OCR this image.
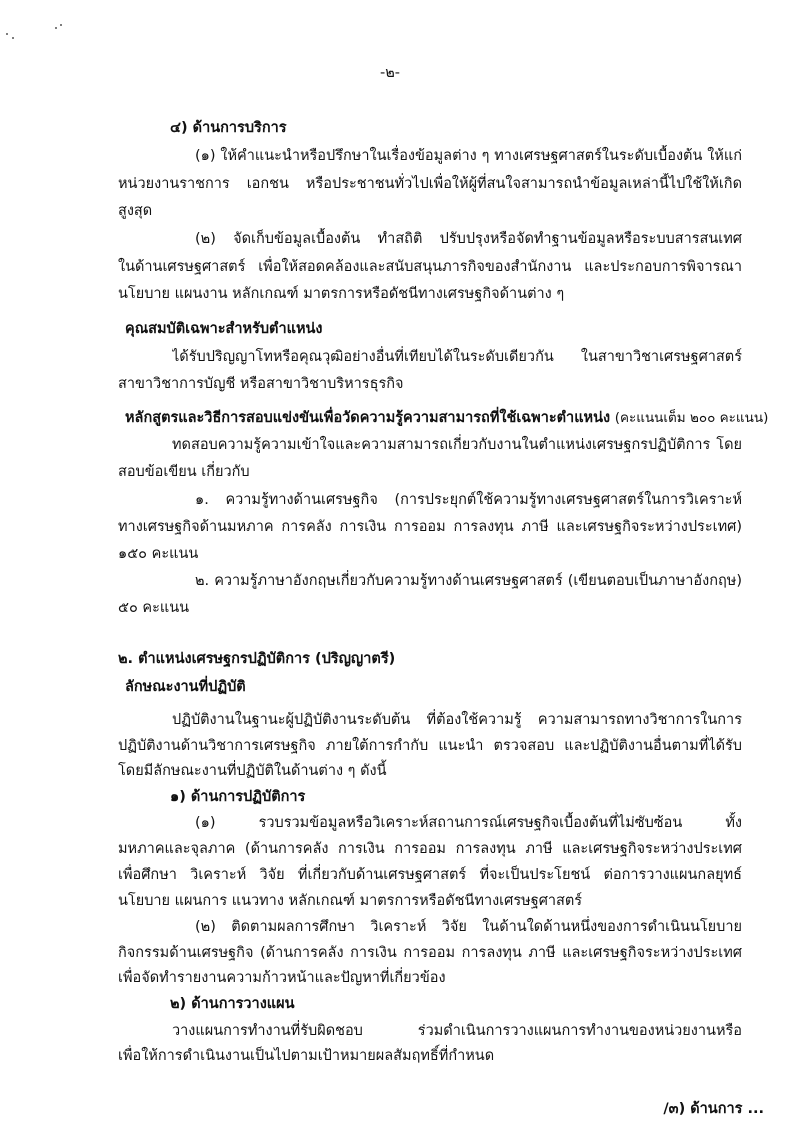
-๒-
๔) ด้านการบริการ
(๑) ให้คำแนะนำหรือปรึกษาในเรื่องข้อมูลต่าง ๆ ทางเศรษฐศาสตร์ในระดับเบื้องต้น ให้แก่
หน่วยงานราชการ เอกชน หรือประชาชนทั่วไปเพื่อให้ผู้ที่สนใจสามารถนำข้อมูลเหล่านี้ไปใช้ให้เกิด
สูงสุด
(๒) จัดเก็บข้อมูลเบื้องต้น ทำสถิติ ปรับปรุงหรือจัดทำฐานข้อมูลหรือระบบสารสนเทศ
ในด้านเศรษฐศาสตร์ เพื่อให้สอดคล้องและสนับสนุนภารกิจของสำนักงาน และประกอบการพิจารณา
นโยบาย แผนงาน หลักเกณฑ์ มาตรการหรือดัชนีทางเศรษฐกิจด้านต่าง ๆ
คุณสมบัติเฉพาะสำหรับตำแหน่ง
ได้รับปริญญาโทหรือคุณวุฒิอย่างอื่นที่เทียบได้ในระดับเดียวกัน ในสาขาวิชาเศรษฐศาสตร์
สาขาวิชาการบัญชี หรือสาขาวิชาบริหารธุรกิจ
หลักสูตรและวิธีการสอบแข่งขันเพื่อวัดความรู้ความสามารถที่ใช้เฉพาะตำแหน่ง (คะแนนเต็ม ๒๐๐ คะแนน)
ทดสอบความรู้ความเข้าใจและความสามารถเกี่ยวกับงานในตำแหน่งเศรษฐกรปฏิบัติการ โดย
สอบข้อเขียน เกี่ยวกับ
๑. ความรู้ทางด้านเศรษฐกิจ (การประยุกต์ใช้ความรู้ทางเศรษฐศาสตร์ในการวิเคราะห์
ทางเศรษฐกิจด้านมหภาค การคลัง การเงิน การออม การลงทุน ภาษี และเศรษฐกิจระหว่างประเทศ)
๑๕๐ คะแนน
๒. ความรู้ภาษาอังกฤษเกี่ยวกับความรู้ทางด้านเศรษฐศาสตร์ (เขียนตอบเป็นภาษาอังกฤษ)
๕๐ คะแนน
๒. ตำแหน่งเศรษฐกรปฏิบัติการ (ปริญญาตรี)
ลักษณะงานที่ปฏิบัติ
ปฏิบัติงานในฐานะผู้ปฏิบัติงานระดับต้น ที่ต้องใช้ความรู้ ความสามารถทางวิชาการในการ
ปฏิบัติงานด้านวิชาการเศรษฐกิจ ภายใต้การกำกับ แนะนำ ตรวจสอบ และปฏิบัติงานอื่นตามที่ได้รับ
โดยมีลักษณะงานที่ปฏิบัติในด้านต่าง ๆ ดังนี้
๑) ด้านการปฏิบัติการ
(๑) รวบรวมข้อมูลหรือวิเคราะห์สถานการณ์เศรษฐกิจเบื้องต้นที่ไม่ซับซ้อน ทั้ง
มหภาคและจุลภาค (ด้านการคลัง การเงิน การออม การลงทุน ภาษี และเศรษฐกิจระหว่างประเทศ
เพื่อศึกษา วิเคราะห์ วิจัย ที่เกี่ยวกับด้านเศรษฐศาสตร์ ที่จะเป็นประโยชน์ ต่อการวางแผนกลยุทธ์
นโยบาย แผนการ แนวทาง หลักเกณฑ์ มาตรการหรือดัชนีทางเศรษฐศาสตร์
(๒) ติดตามผลการศึกษา วิเคราะห์ วิจัย ในด้านใดด้านหนึ่งของการดำเนินนโยบาย
กิจกรรมด้านเศรษฐกิจ (ด้านการคลัง การเงิน การออม การลงทุน ภาษี และเศรษฐกิจระหว่างประเทศ
เพื่อจัดทำรายงานความก้าวหน้าและปัญหาที่เกี่ยวข้อง
๒) ด้านการวางแผน
วางแผนการทำงานที่รับผิดชอบ ร่วมดำเนินการวางแผนการทำงานของหน่วยงานหรือ
เพื่อให้การดำเนินงานเป็นไปตามเป้าหมายผลสัมฤทธิ์ที่กำหนด
/๓) ด้านการ ...
